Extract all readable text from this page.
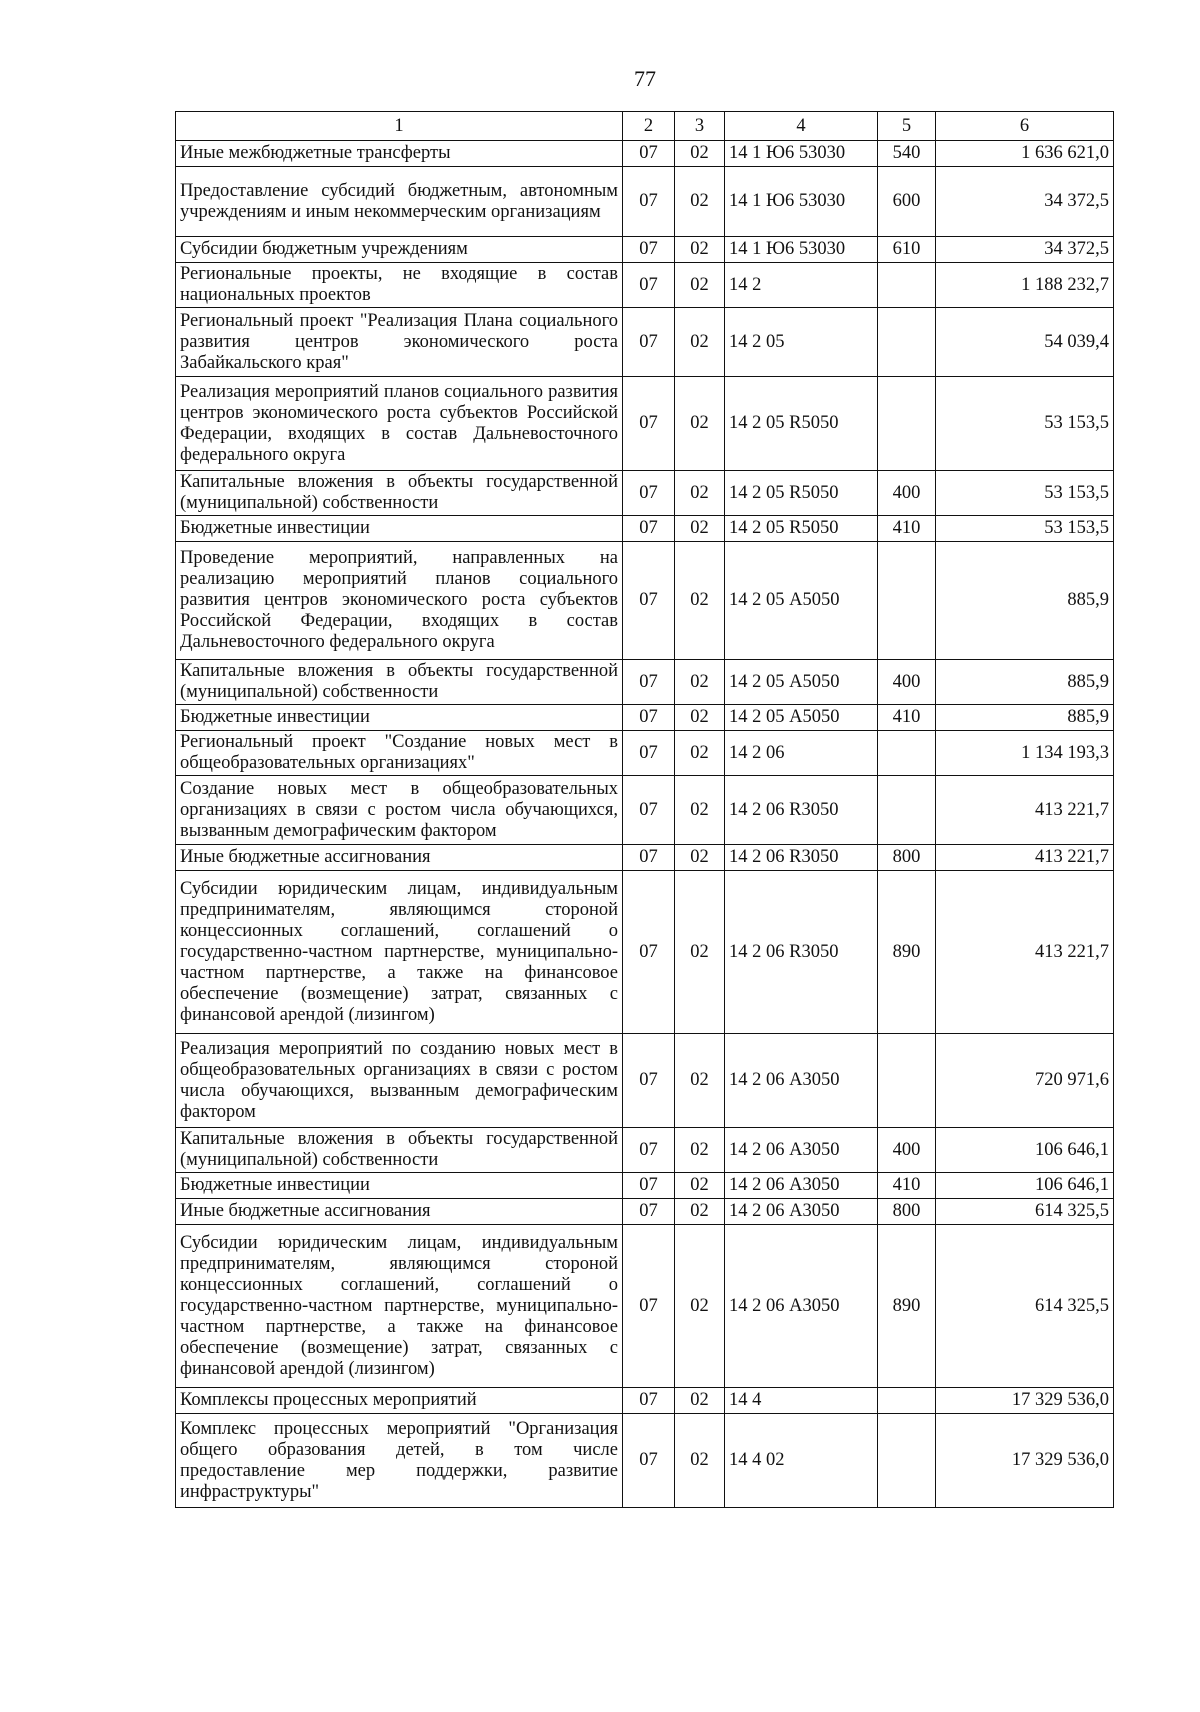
77
1	2	3	4	5	6
Иные межбюджетные трансферты	07	02	14 1 Ю6 53030	540	1 636 621,0
Предоставление субсидий бюджетным, автономным учреждениям и иным некоммерческим организациям	07	02	14 1 Ю6 53030	600	34 372,5
Субсидии бюджетным учреждениям	07	02	14 1 Ю6 53030	610	34 372,5
Региональные проекты, не входящие в состав национальных проектов	07	02	14 2		1 188 232,7
Региональный проект "Реализация Плана социального развития центров экономического роста Забайкальского края"	07	02	14 2 05		54 039,4
Реализация мероприятий планов социального развития центров экономического роста субъектов Российской Федерации, входящих в состав Дальневосточного федерального округа	07	02	14 2 05 R5050		53 153,5
Капитальные вложения в объекты государственной (муниципальной) собственности	07	02	14 2 05 R5050	400	53 153,5
Бюджетные инвестиции	07	02	14 2 05 R5050	410	53 153,5
Проведение мероприятий, направленных на реализацию мероприятий планов социального развития центров экономического роста субъектов Российской Федерации, входящих в состав Дальневосточного федерального округа	07	02	14 2 05 А5050		885,9
Капитальные вложения в объекты государственной (муниципальной) собственности	07	02	14 2 05 А5050	400	885,9
Бюджетные инвестиции	07	02	14 2 05 А5050	410	885,9
Региональный проект "Создание новых мест в общеобразовательных организациях"	07	02	14 2 06		1 134 193,3
Создание новых мест в общеобразовательных организациях в связи с ростом числа обучающихся, вызванным демографическим фактором	07	02	14 2 06 R3050		413 221,7
Иные бюджетные ассигнования	07	02	14 2 06 R3050	800	413 221,7
Субсидии юридическим лицам, индивидуальным предпринимателям, являющимся стороной концессионных соглашений, соглашений о государственно-частном партнерстве, муниципально-частном партнерстве, а также на финансовое обеспечение (возмещение) затрат, связанных с финансовой арендой (лизингом)	07	02	14 2 06 R3050	890	413 221,7
Реализация мероприятий по созданию новых мест в общеобразовательных организациях в связи с ростом числа обучающихся, вызванным демографическим фактором	07	02	14 2 06 А3050		720 971,6
Капитальные вложения в объекты государственной (муниципальной) собственности	07	02	14 2 06 А3050	400	106 646,1
Бюджетные инвестиции	07	02	14 2 06 А3050	410	106 646,1
Иные бюджетные ассигнования	07	02	14 2 06 А3050	800	614 325,5
Субсидии юридическим лицам, индивидуальным предпринимателям, являющимся стороной концессионных соглашений, соглашений о государственно-частном партнерстве, муниципально-частном партнерстве, а также на финансовое обеспечение (возмещение) затрат, связанных с финансовой арендой (лизингом)	07	02	14 2 06 А3050	890	614 325,5
Комплексы процессных мероприятий	07	02	14 4		17 329 536,0
Комплекс процессных мероприятий "Организация общего образования детей, в том числе предоставление мер поддержки, развитие инфраструктуры"	07	02	14 4 02		17 329 536,0
